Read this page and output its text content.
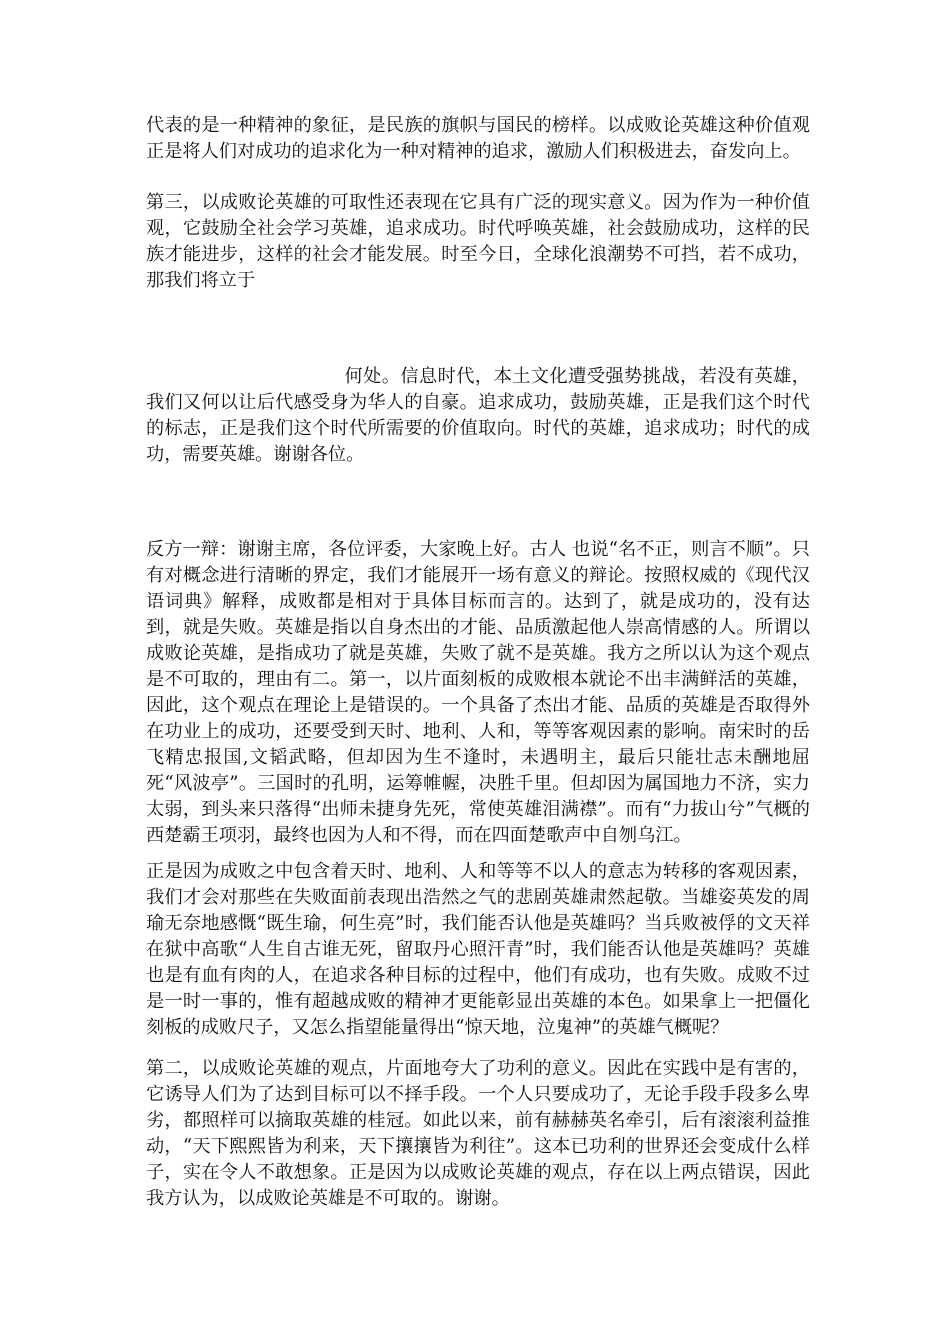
代表的是一种精神的象征，是民族的旗帜与国民的榜样。以成败论英雄这种价值观正是将人们对成功的追求化为一种对精神的追求，激励人们积极进去，奋发向上。

第三，以成败论英雄的可取性还表现在它具有广泛的现实意义。因为作为一种价值观，它鼓励全社会学习英雄，追求成功。时代呼唤英雄，社会鼓励成功，这样的民族才能进步，这样的社会才能发展。时至今日，全球化浪潮势不可挡，若不成功，那我们将立于

何处。信息时代，本土文化遭受强势挑战，若没有英雄，我们又何以让后代感受身为华人的自豪。追求成功，鼓励英雄，正是我们这个时代的标志，正是我们这个时代所需要的价值取向。时代的英雄，追求成功；时代的成功，需要英雄。谢谢各位。

反方一辩：谢谢主席，各位评委，大家晚上好。古人 也说“名不正，则言不顺”。只有对概念进行清晰的界定，我们才能展开一场有意义的辩论。按照权威的《现代汉语词典》解释，成败都是相对于具体目标而言的。达到了，就是成功的，没有达到，就是失败。英雄是指以自身杰出的才能、品质激起他人崇高情感的人。所谓以成败论英雄，是指成功了就是英雄，失败了就不是英雄。我方之所以认为这个观点是不可取的，理由有二。第一，以片面刻板的成败根本就论不出丰满鲜活的英雄，因此，这个观点在理论上是错误的。一个具备了杰出才能、品质的英雄是否取得外在功业上的成功，还要受到天时、地利、人和，等等客观因素的影响。南宋时的岳飞精忠报国,文韬武略，但却因为生不逢时，未遇明主，最后只能壮志未酬地屈死“风波亭”。三国时的孔明，运筹帷幄，决胜千里。但却因为属国地力不济，实力太弱，到头来只落得“出师未捷身先死，常使英雄泪满襟”。而有“力拔山兮”气概的西楚霸王项羽，最终也因为人和不得，而在四面楚歌声中自刎乌江。

正是因为成败之中包含着天时、地利、人和等等不以人的意志为转移的客观因素，我们才会对那些在失败面前表现出浩然之气的悲剧英雄肃然起敬。当雄姿英发的周瑜无奈地感慨“既生瑜，何生亮”时，我们能否认他是英雄吗？当兵败被俘的文天祥在狱中高歌“人生自古谁无死，留取丹心照汗青”时，我们能否认他是英雄吗？英雄也是有血有肉的人，在追求各种目标的过程中，他们有成功，也有失败。成败不过是一时一事的，惟有超越成败的精神才更能彰显出英雄的本色。如果拿上一把僵化刻板的成败尺子，又怎么指望能量得出“惊天地，泣鬼神”的英雄气概呢？

第二，以成败论英雄的观点，片面地夸大了功利的意义。因此在实践中是有害的，它诱导人们为了达到目标可以不择手段。一个人只要成功了，无论手段手段多么卑劣，都照样可以摘取英雄的桂冠。如此以来，前有赫赫英名牵引，后有滚滚利益推动，“天下熙熙皆为利来，天下攘攘皆为利往”。这本已功利的世界还会变成什么样子，实在令人不敢想象。正是因为以成败论英雄的观点，存在以上两点错误，因此我方认为，以成败论英雄是不可取的。谢谢。
